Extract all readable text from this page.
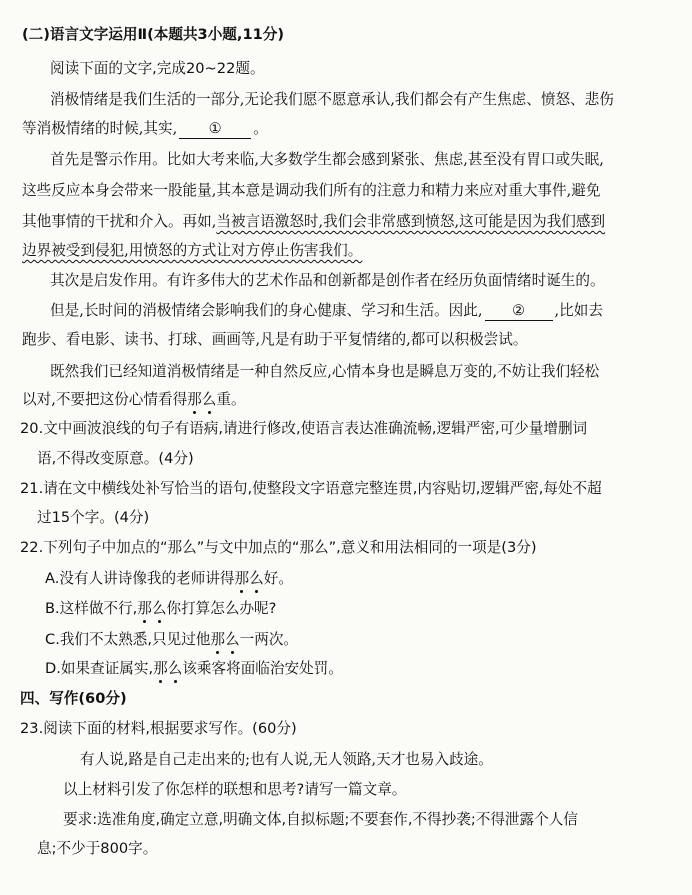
(二)语言文字运用Ⅱ(本题共3小题,11分)
阅读下面的文字,完成20~22题。
消极情绪是我们生活的一部分,无论我们愿不愿意承认,我们都会有产生焦虑、愤怒、悲伤
等消极情绪的时候,其实, ① 。
首先是警示作用。比如大考来临,大多数学生都会感到紧张、焦虑,甚至没有胃口或失眠,
这些反应本身会带来一股能量,其本意是调动我们所有的注意力和精力来应对重大事件,避免
其他事情的干扰和介入。再如,当被言语激怒时,我们会非常感到愤怒,这可能是因为我们感到
边界被受到侵犯,用愤怒的方式让对方停止伤害我们。
其次是启发作用。有许多伟大的艺术作品和创新都是创作者在经历负面情绪时诞生的。
但是,长时间的消极情绪会影响我们的身心健康、学习和生活。因此, ② ,比如去
跑步、看电影、读书、打球、画画等,凡是有助于平复情绪的,都可以积极尝试。
既然我们已经知道消极情绪是一种自然反应,心情本身也是瞬息万变的,不妨让我们轻松
以对,不要把这份心情看得那么重。
20.文中画波浪线的句子有语病,请进行修改,使语言表达准确流畅,逻辑严密,可少量增删词
语,不得改变原意。(4分)
21.请在文中横线处补写恰当的语句,使整段文字语意完整连贯,内容贴切,逻辑严密,每处不超
过15个字。(4分)
22.下列句子中加点的“那么”与文中加点的“那么”,意义和用法相同的一项是(3分)
A.没有人讲诗像我的老师讲得那么好。
B.这样做不行,那么你打算怎么办呢?
C.我们不太熟悉,只见过他那么一两次。
D.如果查证属实,那么该乘客将面临治安处罚。
四、写作(60分)
23.阅读下面的材料,根据要求写作。(60分)
有人说,路是自己走出来的;也有人说,无人领路,天才也易入歧途。
以上材料引发了你怎样的联想和思考?请写一篇文章。
要求:选准角度,确定立意,明确文体,自拟标题;不要套作,不得抄袭;不得泄露个人信
息;不少于800字。
